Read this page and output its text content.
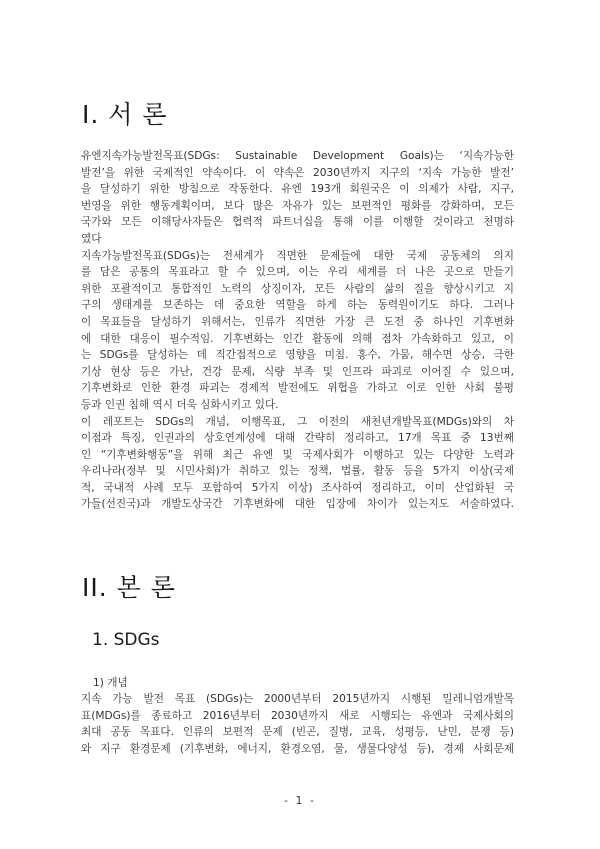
I. 서 론

유엔지속가능발전목표(SDGs: Sustainable Development Goals)는 ‘지속가능한
발전’을 위한 국제적인 약속이다. 이 약속은 2030년까지 지구의 ‘지속 가능한 발전’
을 달성하기 위한 방침으로 작동한다. 유엔 193개 회원국은 이 의제가 사람, 지구,
번영을 위한 행동계획이며, 보다 많은 자유가 있는 보편적인 평화를 강화하며, 모든
국가와 모든 이해당사자들은 협력적 파트너십을 통해 이를 이행할 것이라고 천명하
였다

지속가능발전목표(SDGs)는 전세계가 직면한 문제들에 대한 국제 공동체의 의지
를 담은 공통의 목표라고 할 수 있으며, 이는 우리 세계를 더 나은 곳으로 만들기
위한 포괄적이고 통합적인 노력의 상징이자, 모든 사람의 삶의 질을 향상시키고 지
구의 생태계를 보존하는 데 중요한 역할을 하게 하는 동력원이기도 하다. 그러나
이 목표들을 달성하기 위해서는, 인류가 직면한 가장 큰 도전 중 하나인 기후변화
에 대한 대응이 필수적임. 기후변화는 인간 활동에 의해 점차 가속화하고 있고, 이
는 SDGs를 달성하는 데 직간접적으로 영향을 미침. 홍수, 가뭄, 해수면 상승, 극한
기상 현상 등은 가난, 건강 문제, 식량 부족 및 인프라 파괴로 이어질 수 있으며,
기후변화로 인한 환경 파괴는 경제적 발전에도 위협을 가하고 이로 인한 사회 불평
등과 인권 침해 역시 더욱 심화시키고 있다.

이 레포트는 SDGs의 개념, 이행목표, 그 이전의 새천년개발목표(MDGs)와의 차
이점과 특징, 인권과의 상호연계성에 대해 간략히 정리하고, 17개 목표 중 13번째
인 “기후변화행동”을 위해 최근 유엔 및 국제사회가 이행하고 있는 다양한 노력과
우리나라(정부 및 시민사회)가 취하고 있는 정책, 법률, 활동 등을 5가지 이상(국제
적, 국내적 사례 모두 포함하여 5가지 이상) 조사하여 정리하고, 이미 산업화된 국
가들(선진국)과 개발도상국간 기후변화에 대한 입장에 차이가 있는지도 서술하였다.

II. 본 론
1. SDGs
1) 개념

지속 가능 발전 목표 (SDGs)는 2000년부터 2015년까지 시행된 밀레니엄개발목
표(MDGs)를 종료하고 2016년부터 2030년까지 새로 시행되는 유엔과 국제사회의
최대 공동 목표다. 인류의 보편적 문제 (빈곤, 질병, 교육, 성평등, 난민, 분쟁 등)
와 지구 환경문제 (기후변화, 에너지, 환경오염, 물, 생물다양성 등), 경제 사회문제

- 1 -
